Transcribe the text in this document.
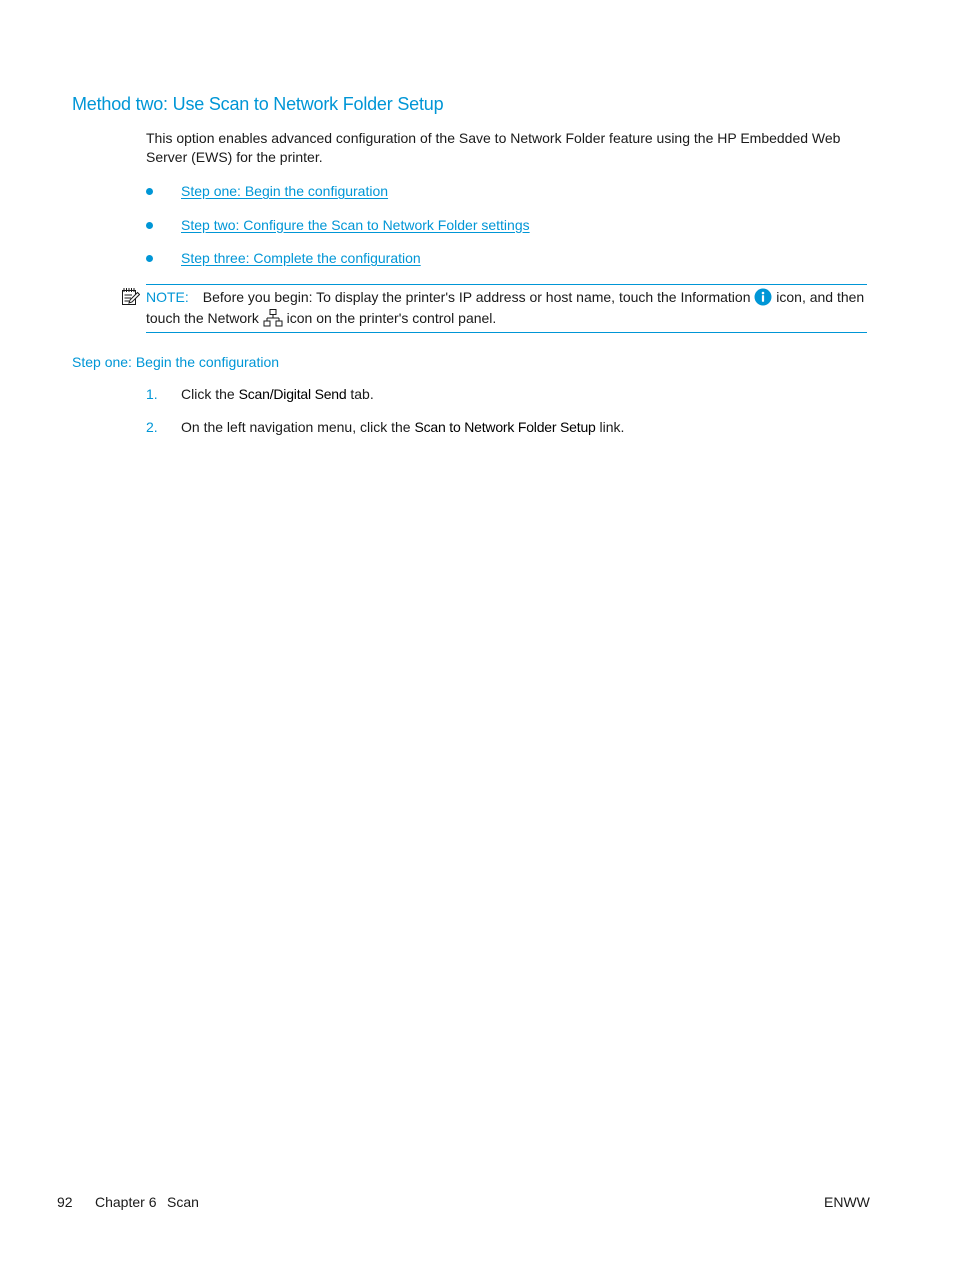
Method two: Use Scan to Network Folder Setup
This option enables advanced configuration of the Save to Network Folder feature using the HP Embedded Web Server (EWS) for the printer.
Step one: Begin the configuration
Step two: Configure the Scan to Network Folder settings
Step three: Complete the configuration
NOTE: Before you begin: To display the printer's IP address or host name, touch the Information  icon, and then touch the Network  icon on the printer's control panel.
Step one: Begin the configuration
1. Click the Scan/Digital Send tab.
2. On the left navigation menu, click the Scan to Network Folder Setup link.
92 Chapter 6 Scan	ENWW
